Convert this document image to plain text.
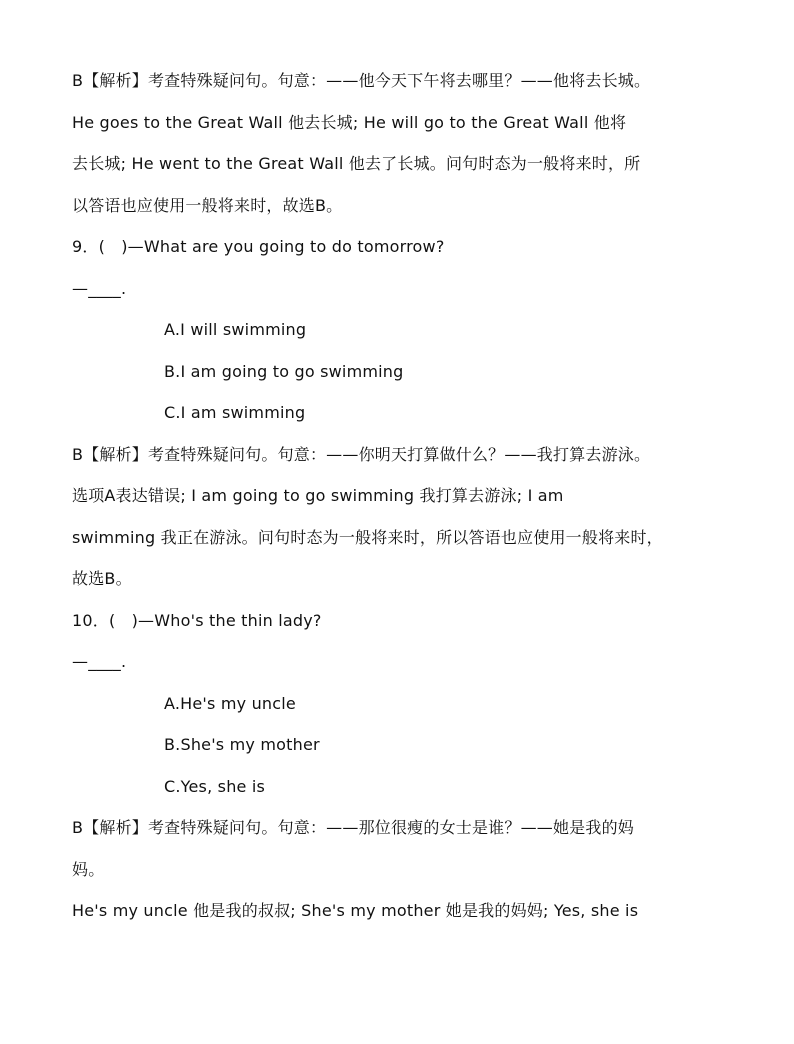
B【解析】考查特殊疑问句。句意：——他今天下午将去哪里？——他将去长城。
He goes to the Great Wall 他去长城; He will go to the Great Wall 他将
去长城; He went to the Great Wall 他去了长城。问句时态为一般将来时，所
以答语也应使用一般将来时，故选B。
9．(　)—What are you going to do tomorrow?
—____.
A.I will swimming
B.I am going to go swimming
C.I am swimming
B【解析】考查特殊疑问句。句意：——你明天打算做什么？——我打算去游泳。
选项A表达错误; I am going to go swimming 我打算去游泳; I am
swimming 我正在游泳。问句时态为一般将来时，所以答语也应使用一般将来时，
故选B。
10．(　)—Who's the thin lady?
—____.
A.He's my uncle
B.She's my mother
C.Yes, she is
B【解析】考查特殊疑问句。句意：——那位很瘦的女士是谁？——她是我的妈
妈。
He's my uncle 他是我的叔叔; She's my mother 她是我的妈妈; Yes, she is
